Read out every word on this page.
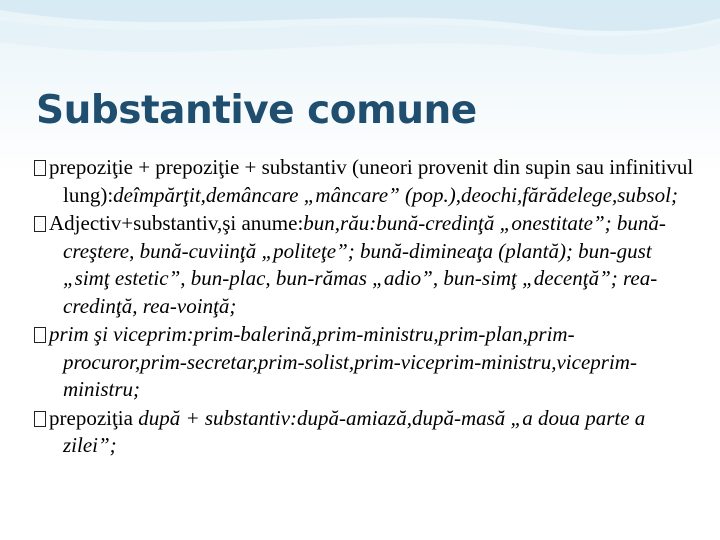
Substantive comune
prepoziţie + prepoziţie + substantiv (uneori provenit din supin sau infinitivul lung):deîmpărţit,demâncare „mâncare” (pop.),deochi,fărădelege,subsol;
Adjectiv+substantiv,şi anume:bun,rău:bună-credinţă „onestitate”; bună-creştere, bună-cuviinţă „politeţe”; bună-dimineaţa (plantă); bun-gust „simţ estetic”, bun-plac, bun-rămas „adio”, bun-simţ „decenţă”; rea-credinţă, rea-voinţă;
prim şi viceprim:prim-balerină,prim-ministru,prim-plan,prim-procuror,prim-secretar,prim-solist,prim-viceprim-ministru,viceprim-ministru;
prepoziţia după + substantiv:după-amiază,după-masă „a doua parte a zilei”;
